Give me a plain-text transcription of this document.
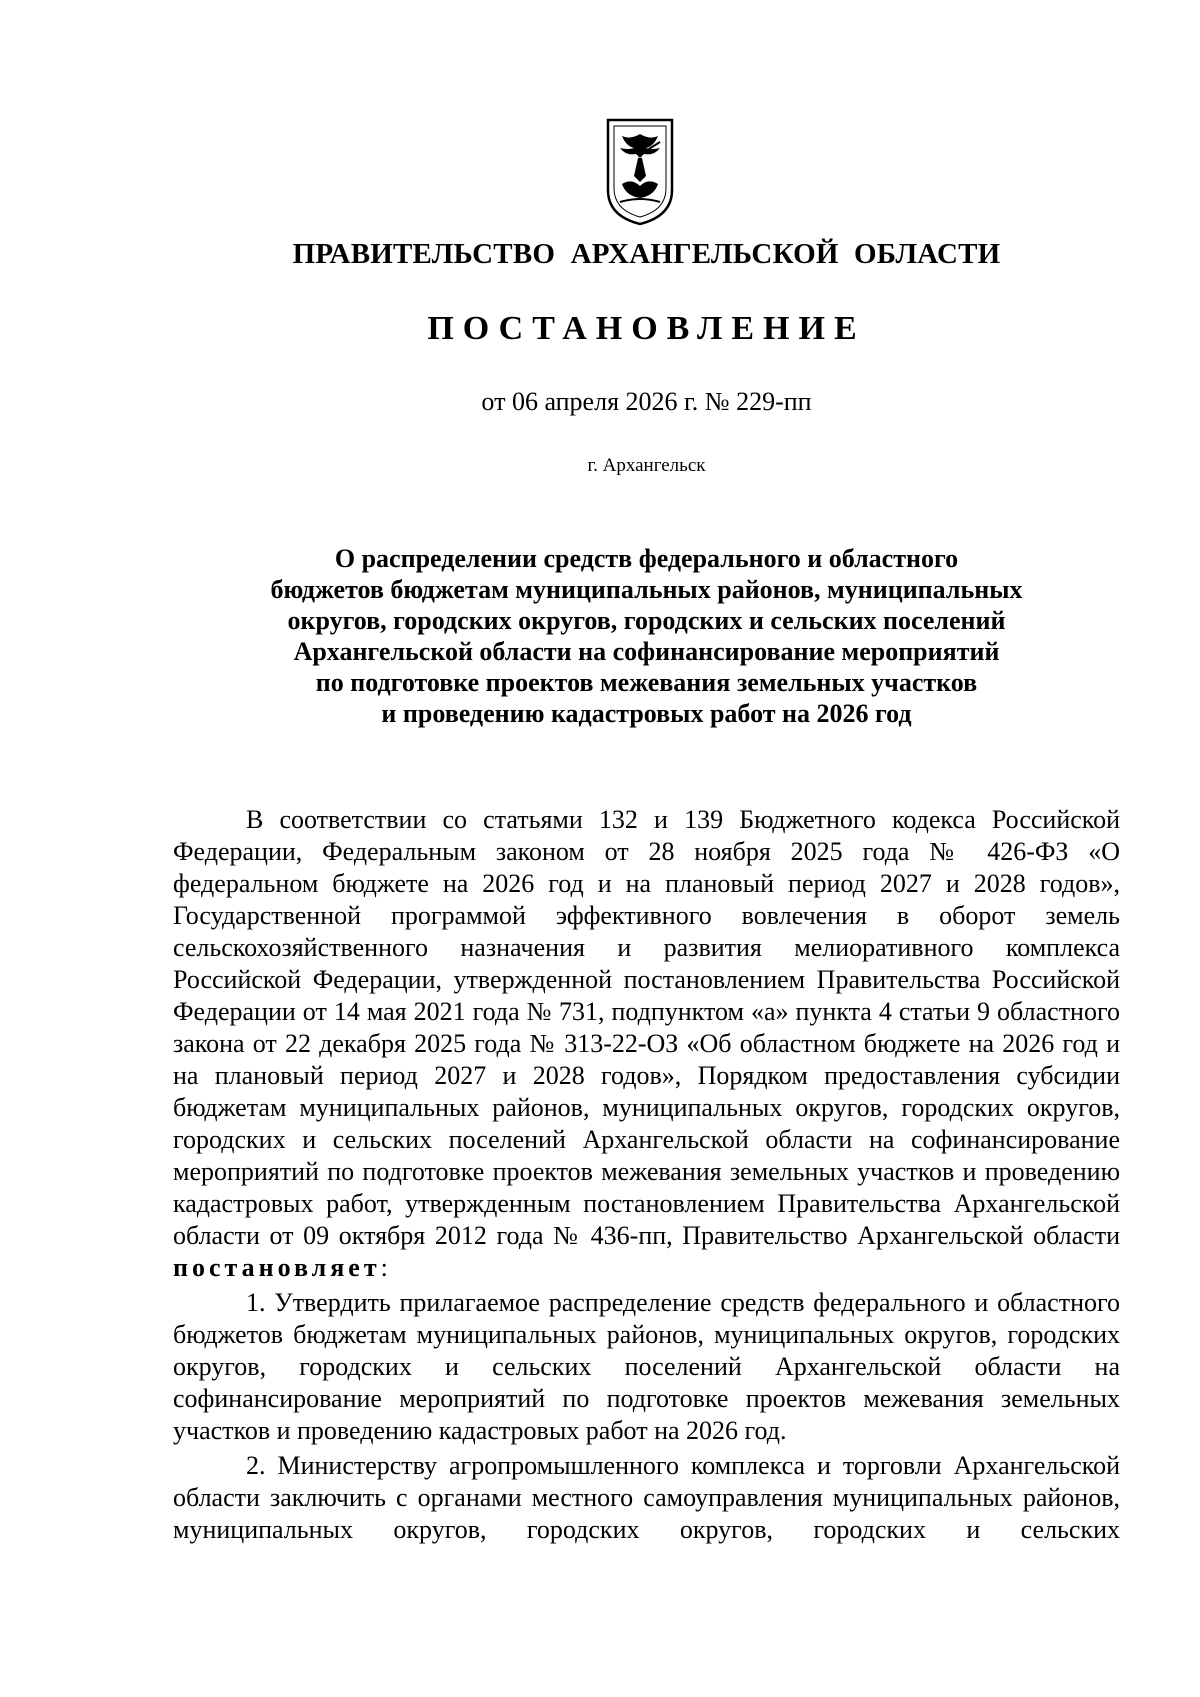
ПРАВИТЕЛЬСТВО АРХАНГЕЛЬСКОЙ ОБЛАСТИ
ПОСТАНОВЛЕНИЕ
от 06 апреля 2026 г. № 229-пп
г. Архангельск
О распределении средств федерального и областного
бюджетов бюджетам муниципальных районов, муниципальных
округов, городских округов, городских и сельских поселений
Архангельской области на софинансирование мероприятий
по подготовке проектов межевания земельных участков
и проведению кадастровых работ на 2026 год

В соответствии со статьями 132 и 139 Бюджетного кодекса Российской Федерации, Федеральным законом от 28 ноября 2025 года № 426-ФЗ «О федеральном бюджете на 2026 год и на плановый период 2027 и 2028 годов», Государственной программой эффективного вовлечения в оборот земель сельскохозяйственного назначения и развития мелиоративного комплекса Российской Федерации, утвержденной постановлением Правительства Российской Федерации от 14 мая 2021 года № 731, подпунктом «а» пункта 4 статьи 9 областного закона от 22 декабря 2025 года № 313-22-ОЗ «Об областном бюджете на 2026 год и на плановый период 2027 и 2028 годов», Порядком предоставления субсидии бюджетам муниципальных районов, муниципальных округов, городских округов, городских и сельских поселений Архангельской области на софинансирование мероприятий по подготовке проектов межевания земельных участков и проведению кадастровых работ, утвержденным постановлением Правительства Архангельской области от 09 октября 2012 года № 436-пп, Правительство Архангельской области постановляет:

1. Утвердить прилагаемое распределение средств федерального и областного бюджетов бюджетам муниципальных районов, муниципальных округов, городских округов, городских и сельских поселений Архангельской области на софинансирование мероприятий по подготовке проектов межевания земельных участков и проведению кадастровых работ на 2026 год.

2. Министерству агропромышленного комплекса и торговли Архангельской области заключить с органами местного самоуправления муниципальных районов, муниципальных округов, городских округов, городских и сельских
